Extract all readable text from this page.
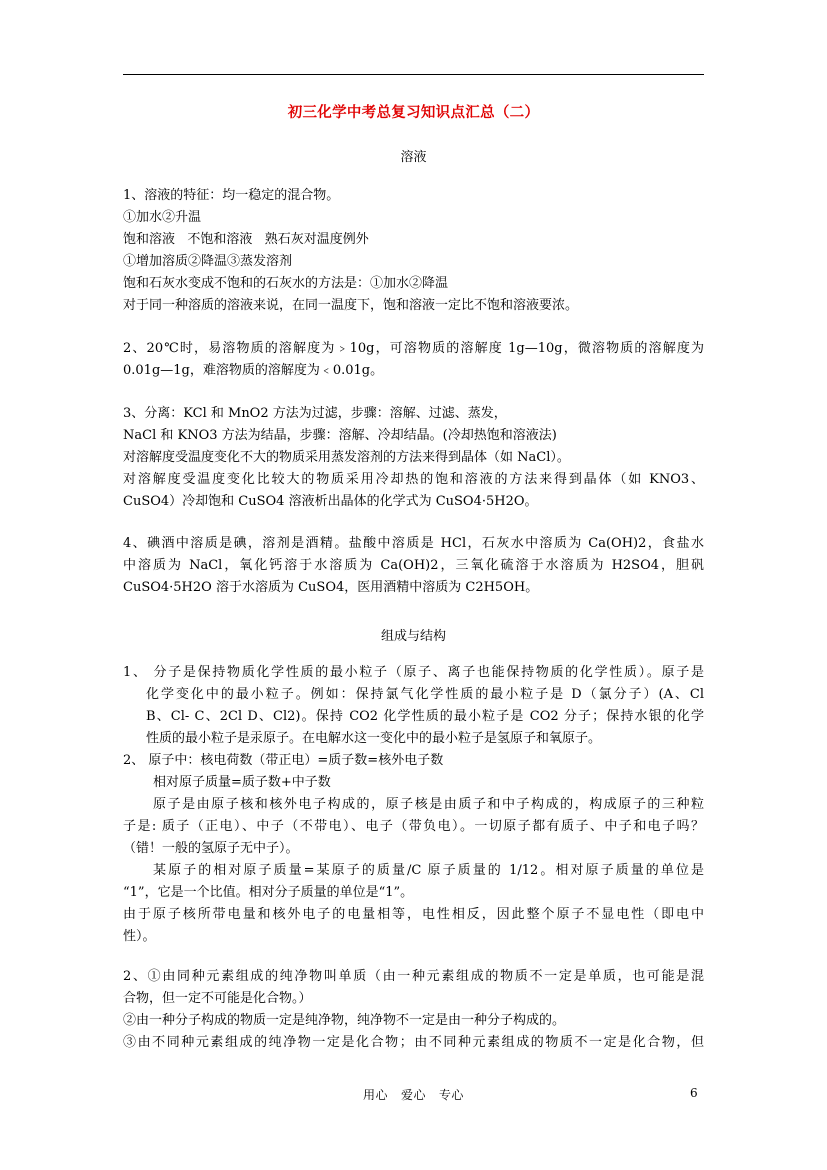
初三化学中考总复习知识点汇总（二）
溶液
1、溶液的特征：均一稳定的混合物。
①加水②升温
饱和溶液   不饱和溶液   熟石灰对温度例外
①增加溶质②降温③蒸发溶剂
饱和石灰水变成不饱和的石灰水的方法是：①加水②降温
对于同一种溶质的溶液来说，在同一温度下，饱和溶液一定比不饱和溶液要浓。
2、20℃时，易溶物质的溶解度为﹥10g，可溶物质的溶解度 1g—10g，微溶物质的溶解度为
0.01g—1g，难溶物质的溶解度为﹤0.01g。
3、分离：KCl 和 MnO2 方法为过滤，步骤：溶解、过滤、蒸发，
NaCl 和 KNO3 方法为结晶，步骤：溶解、冷却结晶。(冷却热饱和溶液法)
对溶解度受温度变化不大的物质采用蒸发溶剂的方法来得到晶体（如 NaCl）。
对溶解度受温度变化比较大的物质采用冷却热的饱和溶液的方法来得到晶体（如 KNO3、
CuSO4）冷却饱和 CuSO4 溶液析出晶体的化学式为 CuSO4·5H2O。
4、碘酒中溶质是碘，溶剂是酒精。盐酸中溶质是 HCl，石灰水中溶质为 Ca(OH)2，食盐水
中溶质为 NaCl，氧化钙溶于水溶质为 Ca(OH)2，三氧化硫溶于水溶质为 H2SO4，胆矾
CuSO4·5H2O 溶于水溶质为 CuSO4，医用酒精中溶质为 C2H5OH。
组成与结构
1、 分子是保持物质化学性质的最小粒子（原子、离子也能保持物质的化学性质）。原子是
化学变化中的最小粒子。例如：保持氯气化学性质的最小粒子是 D（氯分子）(A、Cl
B、Cl- C、2Cl D、Cl2)。保持 CO2 化学性质的最小粒子是 CO2 分子；保持水银的化学
性质的最小粒子是汞原子。在电解水这一变化中的最小粒子是氢原子和氧原子。
2、 原子中：核电荷数（带正电）=质子数=核外电子数
相对原子质量=质子数+中子数
原子是由原子核和核外电子构成的，原子核是由质子和中子构成的，构成原子的三种粒
子是: 质子（正电）、中子（不带电）、电子（带负电）。一切原子都有质子、中子和电子吗？
（错！一般的氢原子无中子）。
某原子的相对原子质量=某原子的质量/C 原子质量的 1/12。相对原子质量的单位是
“1”，它是一个比值。相对分子质量的单位是“1”。
由于原子核所带电量和核外电子的电量相等，电性相反，因此整个原子不显电性（即电中
性）。
2、①由同种元素组成的纯净物叫单质（由一种元素组成的物质不一定是单质，也可能是混
合物，但一定不可能是化合物。）
②由一种分子构成的物质一定是纯净物，纯净物不一定是由一种分子构成的。
③由不同种元素组成的纯净物一定是化合物；由不同种元素组成的物质不一定是化合物，但
用心   爱心   专心	6
